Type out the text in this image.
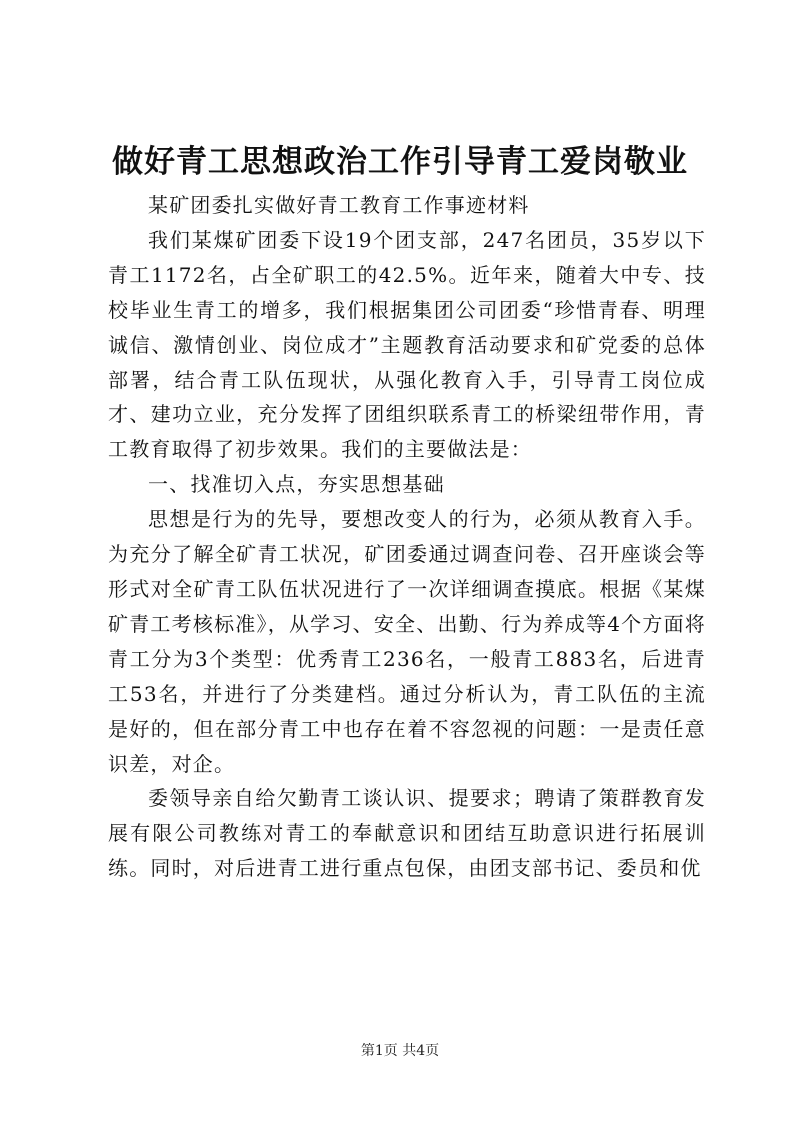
做好青工思想政治工作引导青工爱岗敬业

某矿团委扎实做好青工教育工作事迹材料

我们某煤矿团委下设19个团支部，247名团员，35岁以下青工1172名，占全矿职工的42.5%。近年来，随着大中专、技校毕业生青工的增多，我们根据集团公司团委“珍惜青春、明理诚信、激情创业、岗位成才”主题教育活动要求和矿党委的总体部署，结合青工队伍现状，从强化教育入手，引导青工岗位成才、建功立业，充分发挥了团组织联系青工的桥梁纽带作用，青工教育取得了初步效果。我们的主要做法是：

一、找准切入点，夯实思想基础

思想是行为的先导，要想改变人的行为，必须从教育入手。为充分了解全矿青工状况，矿团委通过调查问卷、召开座谈会等形式对全矿青工队伍状况进行了一次详细调查摸底。根据《某煤矿青工考核标准》，从学习、安全、出勤、行为养成等4个方面将青工分为3个类型：优秀青工236名，一般青工883名，后进青工53名，并进行了分类建档。通过分析认为，青工队伍的主流是好的，但在部分青工中也存在着不容忽视的问题：一是责任意识差，对企。

委领导亲自给欠勤青工谈认识、提要求；聘请了策群教育发展有限公司教练对青工的奉献意识和团结互助意识进行拓展训练。同时，对后进青工进行重点包保，由团支部书记、委员和优

第1页 共4页
